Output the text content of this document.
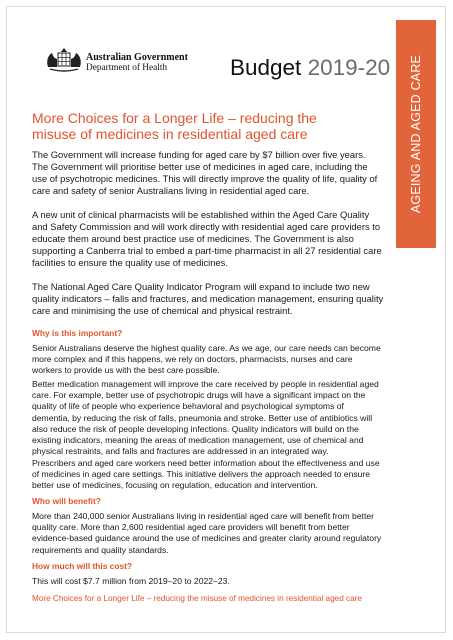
AGEING AND AGED CARE
Australian Government
Department of Health	Budget 2019-20
More Choices for a Longer Life – reducing the misuse of medicines in residential aged care

The Government will increase funding for aged care by $7 billion over five years. The Government will prioritise better use of medicines in aged care, including the use of psychotropic medicines. This will directly improve the quality of life, quality of care and safety of senior Australians living in residential aged care.

A new unit of clinical pharmacists will be established within the Aged Care Quality and Safety Commission and will work directly with residential aged care providers to educate them around best practice use of medicines. The Government is also supporting a Canberra trial to embed a part-time pharmacist in all 27 residential care facilities to ensure the quality use of medicines.

The National Aged Care Quality Indicator Program will expand to include two new quality indicators – falls and fractures, and medication management, ensuring quality care and minimising the use of chemical and physical restraint.

Why is this important?

Senior Australians deserve the highest quality care. As we age, our care needs can become more complex and if this happens, we rely on doctors, pharmacists, nurses and care workers to provide us with the best care possible.

Better medication management will improve the care received by people in residential aged care. For example, better use of psychotropic drugs will have a significant impact on the quality of life of people who experience behavioral and psychological symptoms of dementia, by reducing the risk of falls, pneumonia and stroke. Better use of antibiotics will also reduce the risk of people developing infections. Quality indicators will build on the existing indicators, meaning the areas of medication management, use of chemical and physical restraints, and falls and fractures are addressed in an integrated way.

Prescribers and aged care workers need better information about the effectiveness and use of medicines in aged care settings. This initiative delivers the approach needed to ensure better use of medicines, focusing on regulation, education and intervention.

Who will benefit?

More than 240,000 senior Australians living in residential aged care will benefit from better quality care. More than 2,600 residential aged care providers will benefit from better evidence-based guidance around the use of medicines and greater clarity around regulatory requirements and quality standards.

How much will this cost?

This will cost $7.7 million from 2019–20 to 2022–23.

More Choices for a Longer Life – reducing the misuse of medicines in residential aged care
